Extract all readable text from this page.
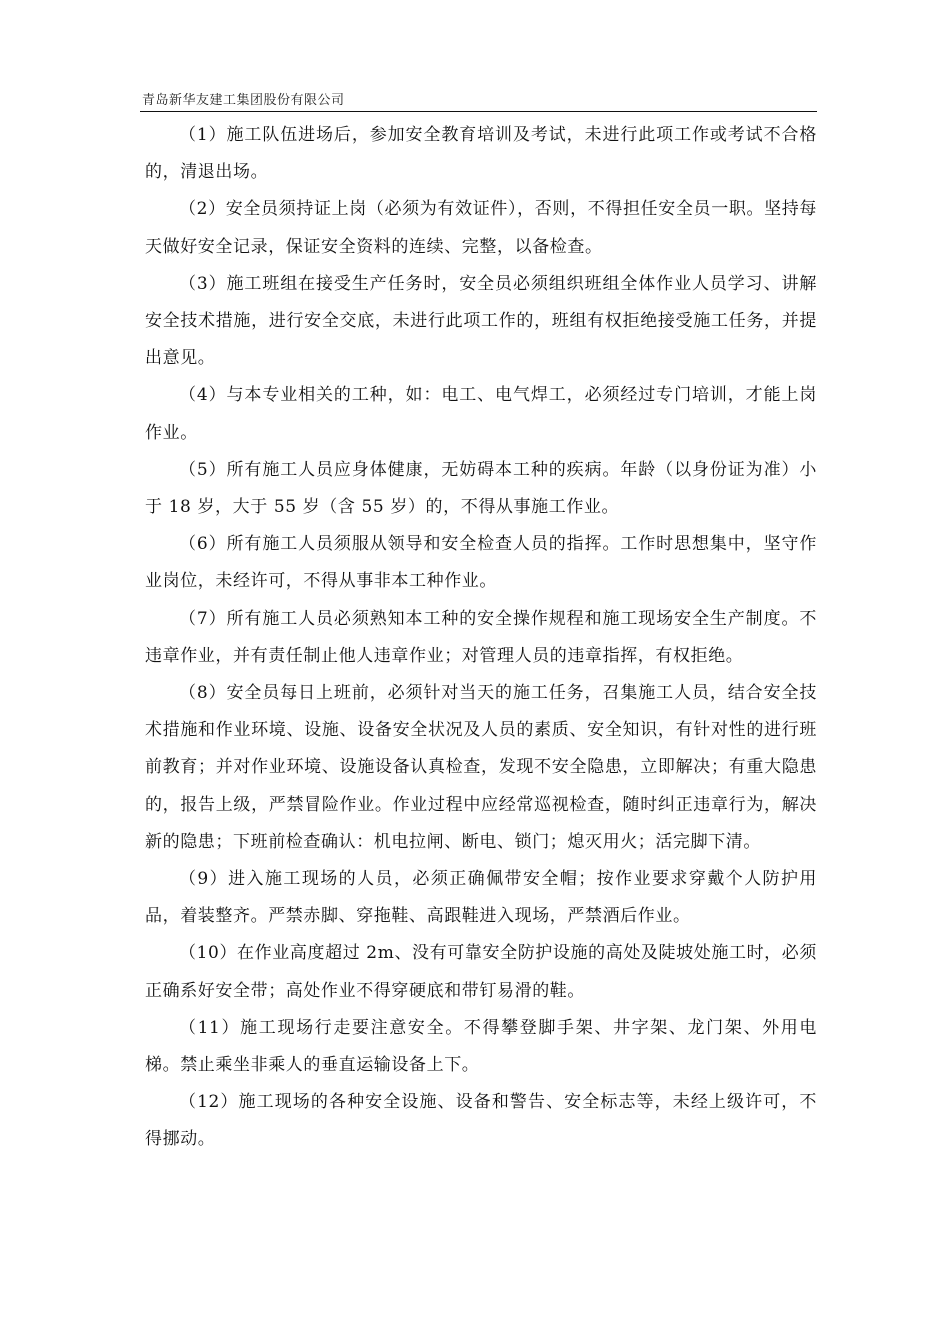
青岛新华友建工集团股份有限公司

（1）施工队伍进场后，参加安全教育培训及考试，未进行此项工作或考试不合格的，清退出场。

（2）安全员须持证上岗（必须为有效证件），否则，不得担任安全员一职。坚持每天做好安全记录，保证安全资料的连续、完整，以备检查。

（3）施工班组在接受生产任务时，安全员必须组织班组全体作业人员学习、讲解安全技术措施，进行安全交底，未进行此项工作的，班组有权拒绝接受施工任务，并提出意见。

（4）与本专业相关的工种，如：电工、电气焊工，必须经过专门培训，才能上岗作业。

（5）所有施工人员应身体健康，无妨碍本工种的疾病。年龄（以身份证为准）小于 18 岁，大于 55 岁（含 55 岁）的，不得从事施工作业。

（6）所有施工人员须服从领导和安全检查人员的指挥。工作时思想集中，坚守作业岗位，未经许可，不得从事非本工种作业。

（7）所有施工人员必须熟知本工种的安全操作规程和施工现场安全生产制度。不违章作业，并有责任制止他人违章作业；对管理人员的违章指挥，有权拒绝。

（8）安全员每日上班前，必须针对当天的施工任务，召集施工人员，结合安全技术措施和作业环境、设施、设备安全状况及人员的素质、安全知识，有针对性的进行班前教育；并对作业环境、设施设备认真检查，发现不安全隐患，立即解决；有重大隐患的，报告上级，严禁冒险作业。作业过程中应经常巡视检查，随时纠正违章行为，解决新的隐患；下班前检查确认：机电拉闸、断电、锁门；熄灭用火；活完脚下清。

（9）进入施工现场的人员，必须正确佩带安全帽；按作业要求穿戴个人防护用品，着装整齐。严禁赤脚、穿拖鞋、高跟鞋进入现场，严禁酒后作业。

（10）在作业高度超过 2m、没有可靠安全防护设施的高处及陡坡处施工时，必须正确系好安全带；高处作业不得穿硬底和带钉易滑的鞋。

（11）施工现场行走要注意安全。不得攀登脚手架、井字架、龙门架、外用电梯。禁止乘坐非乘人的垂直运输设备上下。

（12）施工现场的各种安全设施、设备和警告、安全标志等，未经上级许可，不得挪动。
